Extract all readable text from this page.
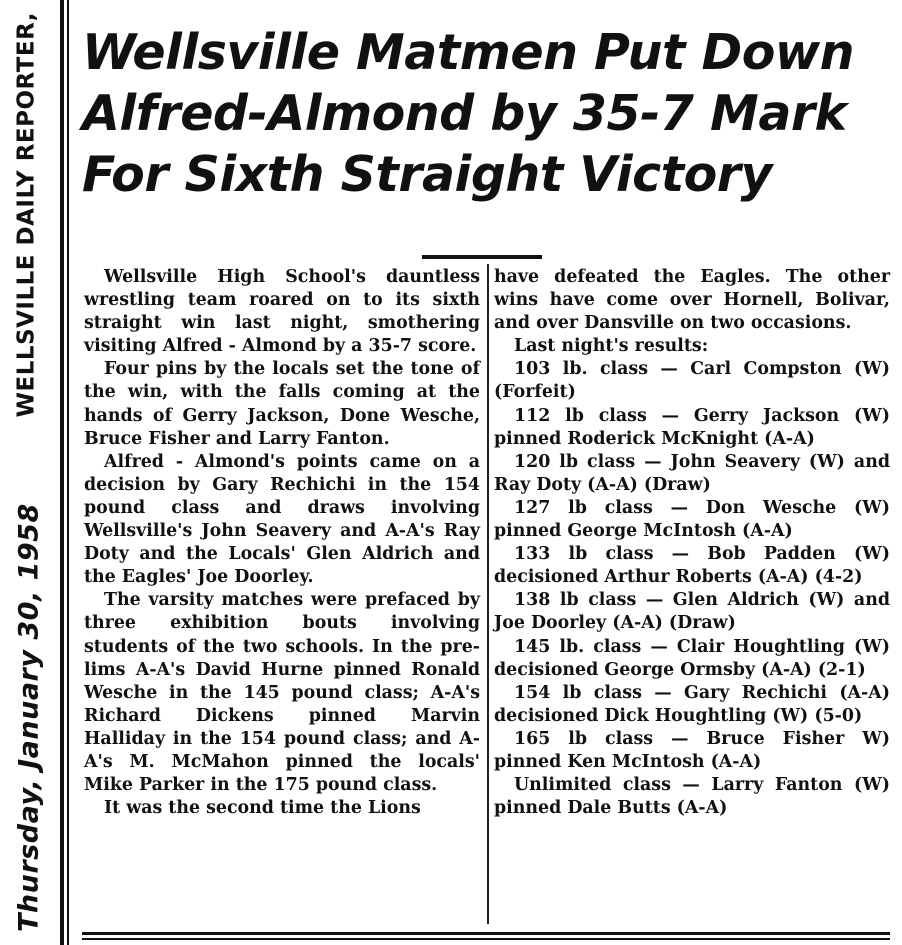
Thursday, January 30, 1958
WELLSVILLE DAILY REPORTER, Wellsville Matmen Put Down
Alfred-Almond by 35-7 Mark
For Sixth Straight Victory

Wellsville High School's dauntless wrestling team roared on to its sixth straight win last night, smothering visiting Alfred - Almond by a 35-7 score.

Four pins by the locals set the tone of the win, with the falls coming at the hands of Gerry Jackson, Done Wesche, Bruce Fisher and Larry Fanton.

Alfred - Almond's points came on a decision by Gary Rechichi in the 154 pound class and draws involving Wellsville's John Seavery and A-A's Ray Doty and the Locals' Glen Aldrich and the Eagles' Joe Doorley.

The varsity matches were prefaced by three exhibition bouts involving students of the two schools. In the pre-lims A-A's David Hurne pinned Ronald Wesche in the 145 pound class; A-A's Richard Dickens pinned Marvin Halliday in the 154 pound class; and A-A's M. McMahon pinned the locals' Mike Parker in the 175 pound class.

It was the second time the Lions

have defeated the Eagles. The other wins have come over Hornell, Bolivar, and over Dansville on two occasions.

Last night's results:

103 lb. class — Carl Compston (W) (Forfeit)

112 lb class — Gerry Jackson (W) pinned Roderick McKnight (A-A)

120 lb class — John Seavery (W) and Ray Doty (A-A) (Draw)

127 lb class — Don Wesche (W) pinned George McIntosh (A-A)

133 lb class — Bob Padden (W) decisioned Arthur Roberts (A-A) (4-2)

138 lb class — Glen Aldrich (W) and Joe Doorley (A-A) (Draw)

145 lb. class — Clair Houghtling (W) decisioned George Ormsby (A-A) (2-1)

154 lb class — Gary Rechichi (A-A) decisioned Dick Houghtling (W) (5-0)

165 lb class — Bruce Fisher W) pinned Ken McIntosh (A-A)

Unlimited class — Larry Fanton (W) pinned Dale Butts (A-A)
